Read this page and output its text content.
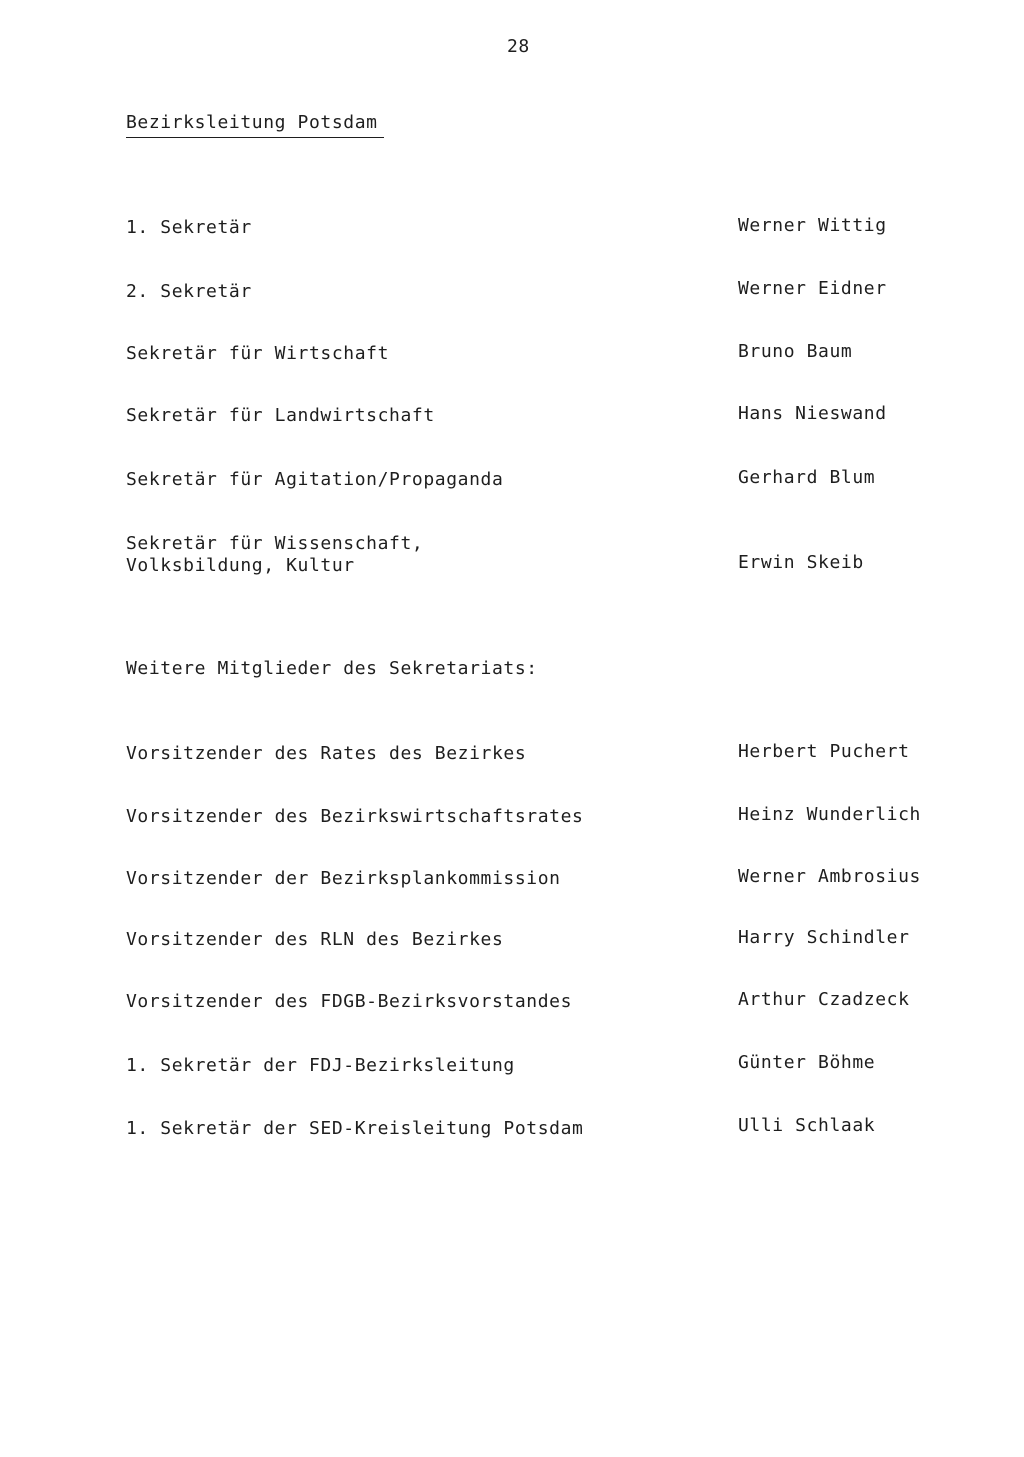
28
Bezirksleitung Potsdam
1. Sekretär	Werner Wittig
2. Sekretär	Werner Eidner
Sekretär für Wirtschaft	Bruno Baum
Sekretär für Landwirtschaft	Hans Nieswand
Sekretär für Agitation/Propaganda	Gerhard Blum
Sekretär für Wissenschaft,
Volksbildung, Kultur	Erwin Skeib
Weitere Mitglieder des Sekretariats:
Vorsitzender des Rates des Bezirkes	Herbert Puchert
Vorsitzender des Bezirkswirtschaftsrates	Heinz Wunderlich
Vorsitzender der Bezirksplankommission	Werner Ambrosius
Vorsitzender des RLN des Bezirkes	Harry Schindler
Vorsitzender des FDGB-Bezirksvorstandes	Arthur Czadzeck
1. Sekretär der FDJ-Bezirksleitung	Günter Böhme
1. Sekretär der SED-Kreisleitung Potsdam	Ulli Schlaak
